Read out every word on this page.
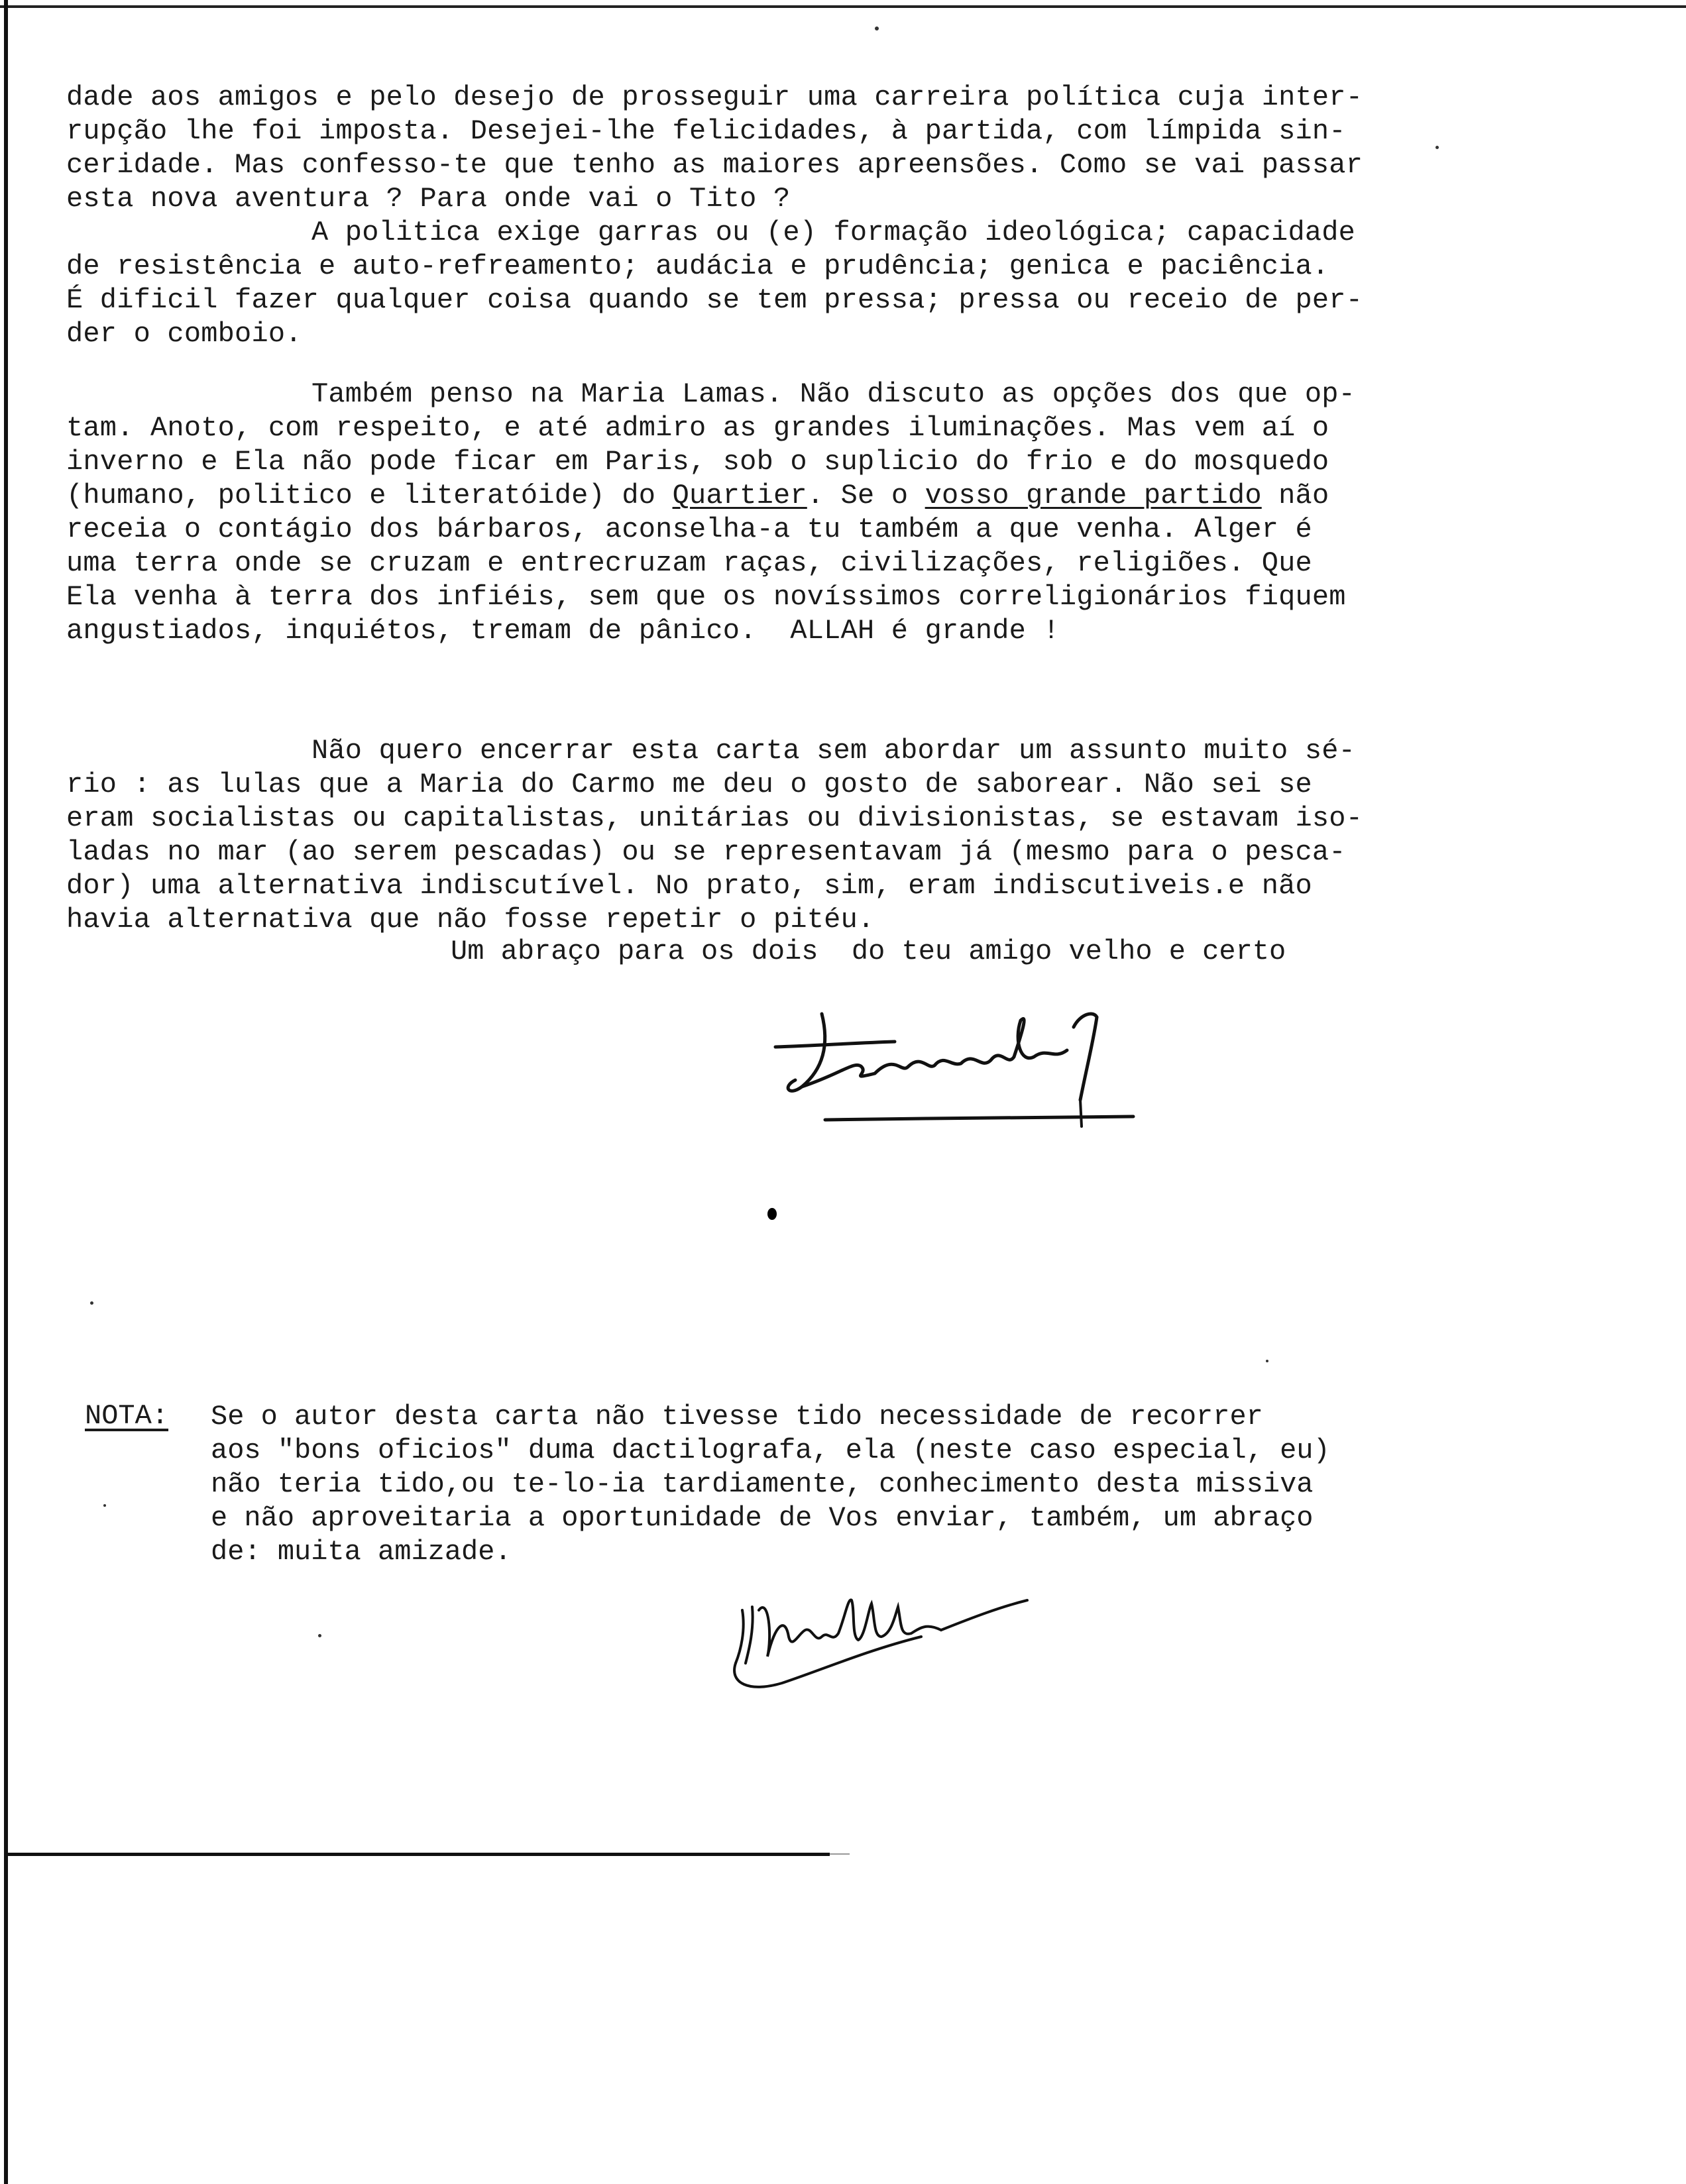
dade aos amigos e pelo desejo de prosseguir uma carreira política cuja inter-
rupção lhe foi imposta. Desejei-lhe felicidades, à partida, com límpida sin-
ceridade. Mas confesso-te que tenho as maiores apreensões. Como se vai passar
esta nova aventura ? Para onde vai o Tito ?
A politica exige garras ou (e) formação ideológica; capacidade
de resistência e auto-refreamento; audácia e prudência; genica e paciência.
É dificil fazer qualquer coisa quando se tem pressa; pressa ou receio de per-
der o comboio.
Também penso na Maria Lamas. Não discuto as opções dos que op-
tam. Anoto, com respeito, e até admiro as grandes iluminações. Mas vem aí o
inverno e Ela não pode ficar em Paris, sob o suplicio do frio e do mosquedo
(humano, politico e literatóide) do Quartier. Se o vosso grande partido não
receia o contágio dos bárbaros, aconselha-a tu também a que venha. Alger é
uma terra onde se cruzam e entrecruzam raças, civilizações, religiões. Que
Ela venha à terra dos infiéis, sem que os novíssimos correligionários fiquem
angustiados, inquiétos, tremam de pânico.  ALLAH é grande !
Não quero encerrar esta carta sem abordar um assunto muito sé-
rio : as lulas que a Maria do Carmo me deu o gosto de saborear. Não sei se
eram socialistas ou capitalistas, unitárias ou divisionistas, se estavam iso-
ladas no mar (ao serem pescadas) ou se representavam já (mesmo para o pesca-
dor) uma alternativa indiscutível. No prato, sim, eram indiscutiveis.e não
havia alternativa que não fosse repetir o pitéu.
Um abraço para os dois  do teu amigo velho e certo
NOTA: Se o autor desta carta não tivesse tido necessidade de recorrer
aos "bons oficios" duma dactilografa, ela (neste caso especial, eu)
não teria tido,ou te-lo-ia tardiamente, conhecimento desta missiva
e não aproveitaria a oportunidade de Vos enviar, também, um abraço
de: muita amizade.
